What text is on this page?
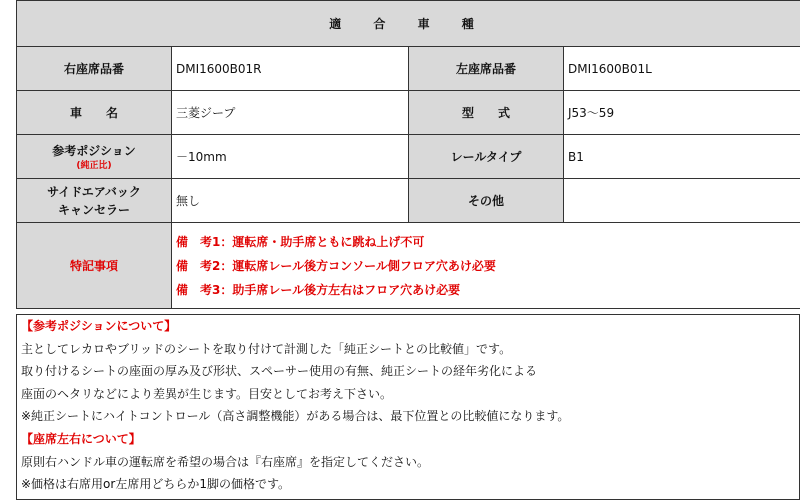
適 合 車 種			
右座席品番	DMI1600B01R	左座席品番	DMI1600B01L
車　　名	三菱ジープ	型　　式	J53〜59

参考ポジション
(純正比)	－10mm	レールタイプ	B1

サイドエアバック
キャンセラー	無し	その他	
特記事項	備　考1：運転席・助手席ともに跳ね上げ不可
備　考2：運転席レール後方コンソール側フロア穴あけ必要
備　考3：助手席レール後方左右はフロア穴あけ必要		
【参考ポジションについて】
主としてレカロやブリッドのシートを取り付けて計測した「純正シートとの比較値」です。
取り付けるシートの座面の厚み及び形状、スペーサー使用の有無、純正シートの経年劣化による
座面のヘタリなどにより差異が生じます。目安としてお考え下さい。
※純正シートにハイトコントロール（高さ調整機能）がある場合は、最下位置との比較値になります。
【座席左右について】
原則右ハンドル車の運転席を希望の場合は『右座席』を指定してください。
※価格は右席用or左席用どちらか1脚の価格です。
